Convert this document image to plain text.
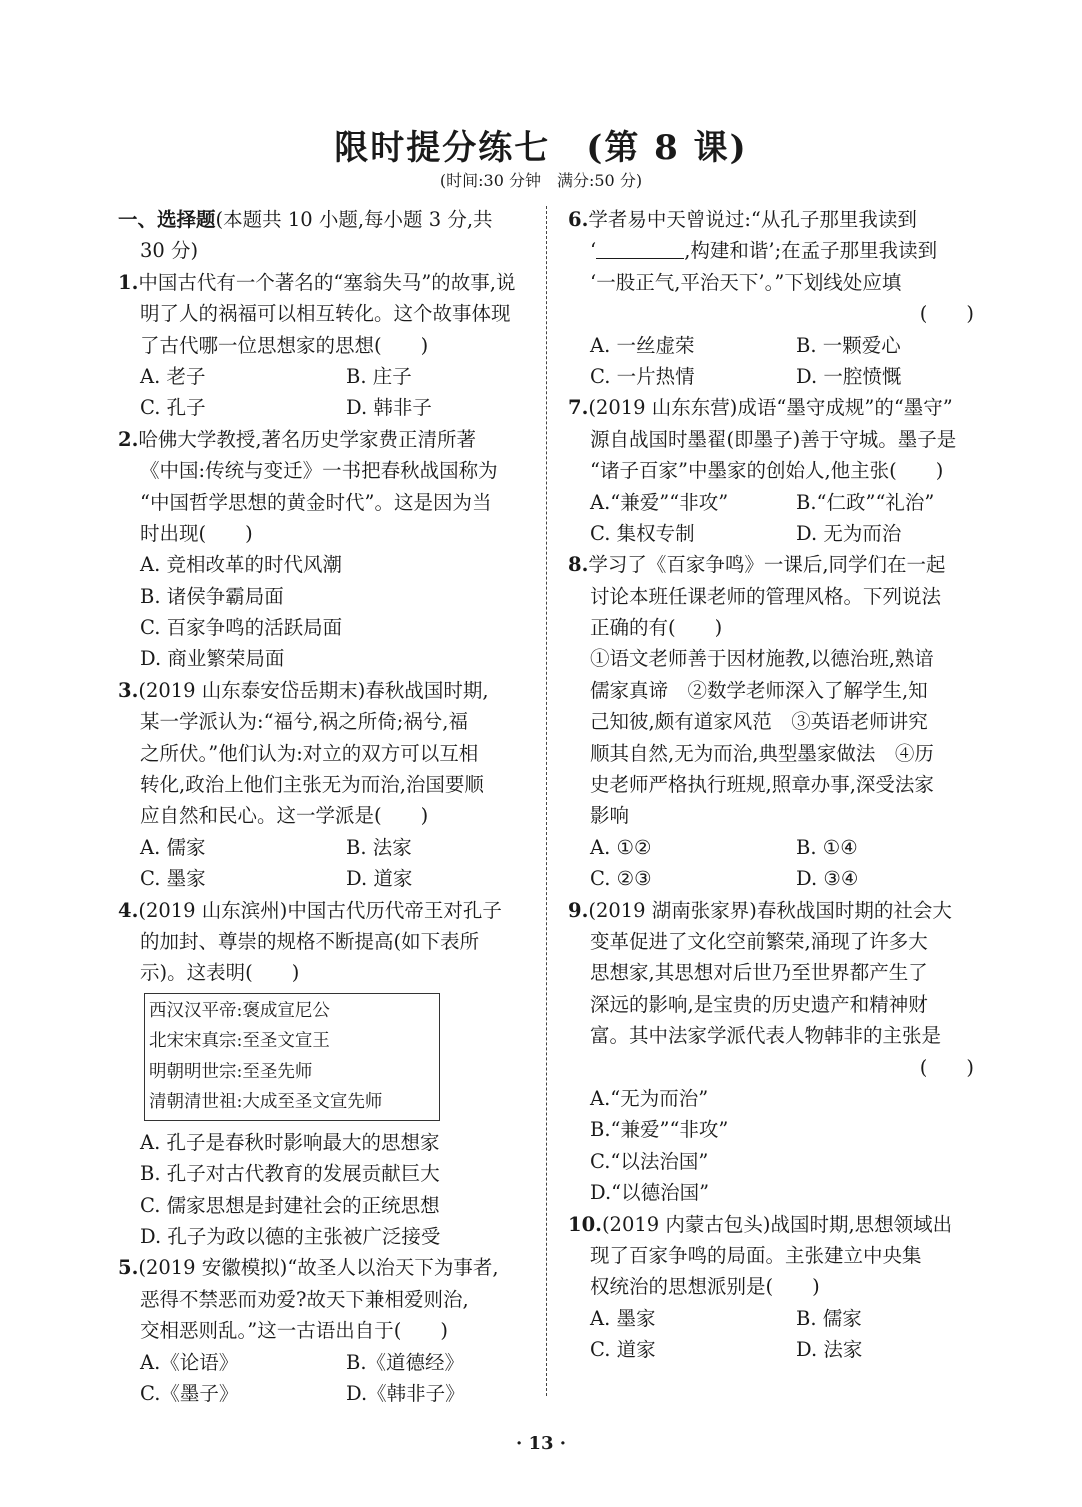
限时提分练七　(第 8 课)
(时间:30 分钟　满分:50 分)
一、选择题(本题共 10 小题,每小题 3 分,共
30 分)
1.中国古代有一个著名的“塞翁失马”的故事,说
明了人的祸福可以相互转化。这个故事体现
了古代哪一位思想家的思想(　　)
A. 老子	B. 庄子
C. 孔子	D. 韩非子
2.哈佛大学教授,著名历史学家费正清所著
《中国:传统与变迁》一书把春秋战国称为
“中国哲学思想的黄金时代”。这是因为当
时出现(　　)
A. 竞相改革的时代风潮
B. 诸侯争霸局面
C. 百家争鸣的活跃局面
D. 商业繁荣局面
3.(2019 山东泰安岱岳期末)春秋战国时期,
某一学派认为:“福兮,祸之所倚;祸兮,福
之所伏。”他们认为:对立的双方可以互相
转化,政治上他们主张无为而治,治国要顺
应自然和民心。这一学派是(　　)
A. 儒家	B. 法家
C. 墨家	D. 道家
4.(2019 山东滨州)中国古代历代帝王对孔子
的加封、尊崇的规格不断提高(如下表所
示)。这表明(　　)
西汉汉平帝:褒成宣尼公
北宋宋真宗:至圣文宣王
明朝明世宗:至圣先师
清朝清世祖:大成至圣文宣先师
A. 孔子是春秋时影响最大的思想家
B. 孔子对古代教育的发展贡献巨大
C. 儒家思想是封建社会的正统思想
D. 孔子为政以德的主张被广泛接受
5.(2019 安徽模拟)“故圣人以治天下为事者,
恶得不禁恶而劝爱?故天下兼相爱则治,
交相恶则乱。”这一古语出自于(　　)
A.《论语》	B.《道德经》
C.《墨子》	D.《韩非子》
6.学者易中天曾说过:“从孔子那里我读到
‘	,构建和谐’;在孟子那里我读到
‘一股正气,平治天下’。”下划线处应填
(　　)
A. 一丝虚荣	B. 一颗爱心
C. 一片热情	D. 一腔愤慨
7.(2019 山东东营)成语“墨守成规”的“墨守”
源自战国时墨翟(即墨子)善于守城。墨子是
“诸子百家”中墨家的创始人,他主张(　　)
A.“兼爱”“非攻”	B.“仁政”“礼治”
C. 集权专制	D. 无为而治
8.学习了《百家争鸣》一课后,同学们在一起
讨论本班任课老师的管理风格。下列说法
正确的有(　　)
①语文老师善于因材施教,以德治班,熟谙
儒家真谛　②数学老师深入了解学生,知
己知彼,颇有道家风范　③英语老师讲究
顺其自然,无为而治,典型墨家做法　④历
史老师严格执行班规,照章办事,深受法家
影响
A. ①②	B. ①④
C. ②③	D. ③④
9.(2019 湖南张家界)春秋战国时期的社会大
变革促进了文化空前繁荣,涌现了许多大
思想家,其思想对后世乃至世界都产生了
深远的影响,是宝贵的历史遗产和精神财
富。其中法家学派代表人物韩非的主张是
(　　)
A.“无为而治”
B.“兼爱”“非攻”
C.“以法治国”
D.“以德治国”
10.(2019 内蒙古包头)战国时期,思想领域出
现了百家争鸣的局面。主张建立中央集
权统治的思想派别是(　　)
A. 墨家	B. 儒家
C. 道家	D. 法家
· 13 ·
